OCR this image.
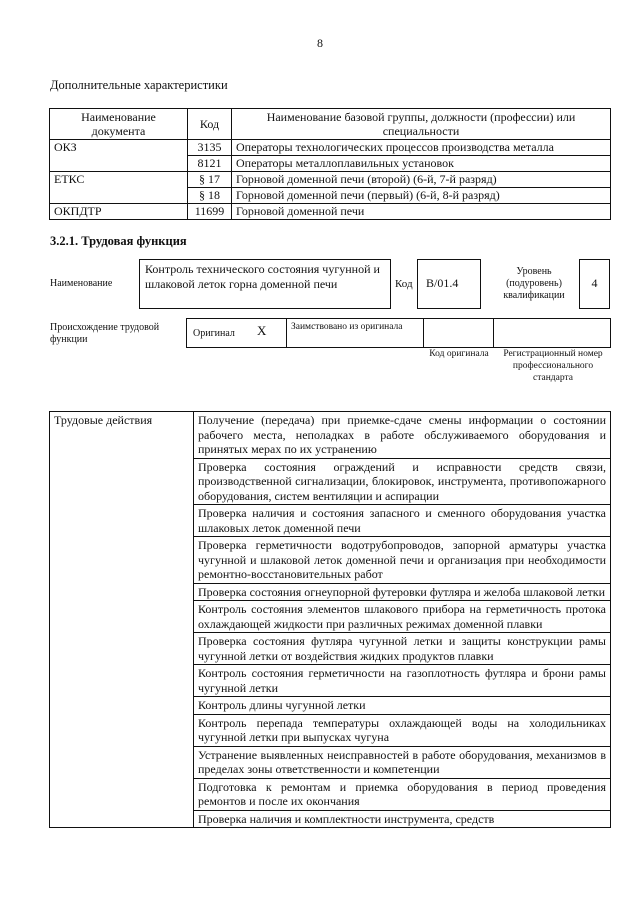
8
Дополнительные характеристики
Наименование документа	Код	Наименование базовой группы, должности (профессии) или специальности
ОКЗ	3135	Операторы технологических процессов производства металла
	8121	Операторы металлоплавильных установок
ЕТКС	§ 17	Горновой доменной печи (второй) (6-й, 7-й разряд)
	§ 18	Горновой доменной печи (первый) (6-й, 8-й разряд)
ОКПДТР	11699	Горновой доменной печи
3.2.1. Трудовая функция
Наименование
Контроль технического состояния чугунной и шлаковой леток горна доменной печи	Код	В/01.4
Уровень (подуровень) квалификации
4
Происхождение трудовой функции
Оригинал X	Заимствовано из оригинала
Код оригинала	Регистрационный номер профессионального стандарта
Трудовые действия	Получение (передача) при приемке-сдаче смены информации о состоянии рабочего места, неполадках в работе обслуживаемого оборудования и принятых мерах по их устранению
Проверка состояния ограждений и исправности средств связи, производственной сигнализации, блокировок, инструмента, противопожарного оборудования, систем вентиляции и аспирации
Проверка наличия и состояния запасного и сменного оборудования участка шлаковых леток доменной печи
Проверка герметичности водотрубопроводов, запорной арматуры участка чугунной и шлаковой леток доменной печи и организация при необходимости ремонтно-восстановительных работ
Проверка состояния огнеупорной футеровки футляра и желоба шлаковой летки
Контроль состояния элементов шлакового прибора на герметичность протока охлаждающей жидкости при различных режимах доменной плавки
Проверка состояния футляра чугунной летки и защиты конструкции рамы чугунной летки от воздействия жидких продуктов плавки
Контроль состояния герметичности на газоплотность футляра и брони рамы чугунной летки
Контроль длины чугунной летки
Контроль перепада температуры охлаждающей воды на холодильниках чугунной летки при выпусках чугуна
Устранение выявленных неисправностей в работе оборудования, механизмов в пределах зоны ответственности и компетенции
Подготовка к ремонтам и приемка оборудования в период проведения ремонтов и после их окончания
Проверка наличия и комплектности инструмента, средств
